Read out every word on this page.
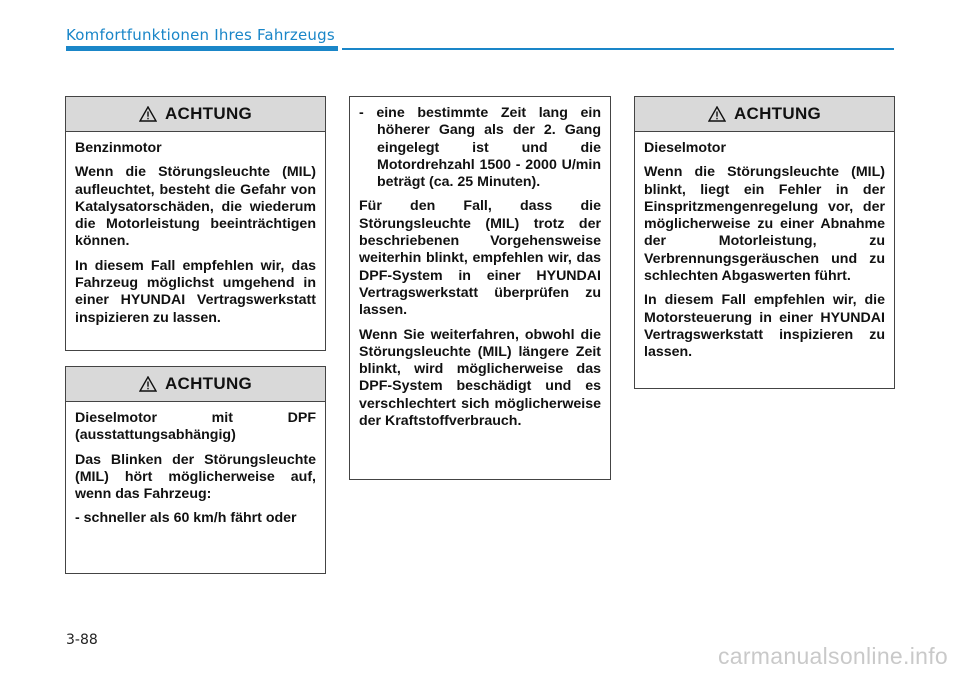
Komfortfunktionen Ihres Fahrzeugs
ACHTUNG

Benzinmotor

Wenn die Störungsleuchte (MIL) aufleuchtet, besteht die Gefahr von Katalysatorschäden, die wiederum die Motorleistung beeinträchtigen können.

In diesem Fall empfehlen wir, das Fahrzeug möglichst umgehend in einer HYUNDAI Vertragswerkstatt inspizieren zu lassen.

ACHTUNG

Dieselmotor mit DPF (ausstattungsabhängig)

Das Blinken der Störungsleuchte (MIL) hört möglicherweise auf, wenn das Fahrzeug:

- schneller als 60 km/h fährt oder

- eine bestimmte Zeit lang ein höherer Gang als der 2. Gang eingelegt ist und die Motordrehzahl 1500 - 2000 U/min beträgt (ca. 25 Minuten).

Für den Fall, dass die Störungsleuchte (MIL) trotz der beschriebenen Vorgehensweise weiterhin blinkt, empfehlen wir, das DPF-System in einer HYUNDAI Vertragswerkstatt überprüfen zu lassen.

Wenn Sie weiterfahren, obwohl die Störungsleuchte (MIL) längere Zeit blinkt, wird möglicherweise das DPF-System beschädigt und es verschlechtert sich möglicherweise der Kraftstoffverbrauch.

ACHTUNG

Dieselmotor

Wenn die Störungsleuchte (MIL) blinkt, liegt ein Fehler in der Einspritzmengenregelung vor, der möglicherweise zu einer Abnahme der Motorleistung, zu Verbrennungsgeräuschen und zu schlechten Abgaswerten führt.

In diesem Fall empfehlen wir, die Motorsteuerung in einer HYUNDAI Vertragswerkstatt inspizieren zu lassen.

3-88
carmanualsonline.info
